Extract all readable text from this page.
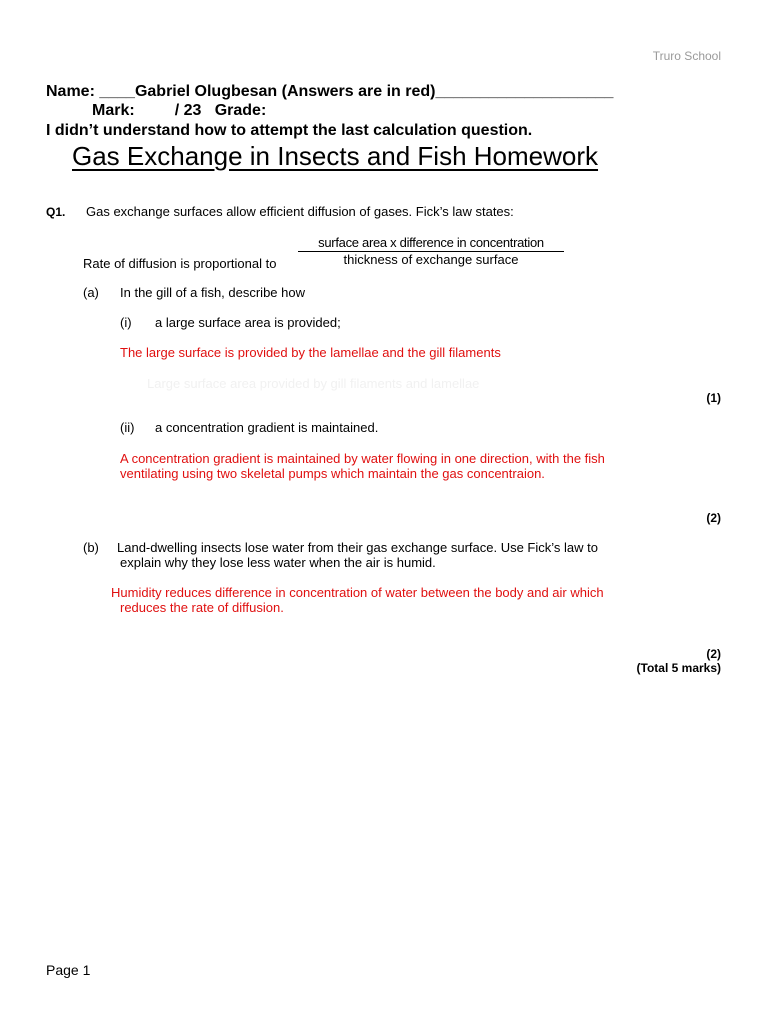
Truro School
Name: ____Gabriel Olugbesan (Answers are in red)____________________
Mark:         / 23   Grade:
I didn’t understand how to attempt the last calculation question.
Gas Exchange in Insects and Fish Homework
Q1. Gas exchange surfaces allow efficient diffusion of gases. Fick’s law states:
surface area x difference in concentration
thickness of exchange surface
Rate of diffusion is proportional to
(a) In the gill of a fish, describe how
(i) a large surface area is provided;
The large surface is provided by the lamellae and the gill filaments
Large surface area provided by gill filaments and lamellae
(1)
(ii) a concentration gradient is maintained.
A concentration gradient is maintained by water flowing in one direction, with the fish
ventilating using two skeletal pumps which maintain the gas concentraion.
(2)
(b) Land-dwelling insects lose water from their gas exchange surface. Use Fick’s law to
explain why they lose less water when the air is humid.
Humidity reduces difference in concentration of water between the body and air which
reduces the rate of diffusion.
(2)
(Total 5 marks)
Page 1
